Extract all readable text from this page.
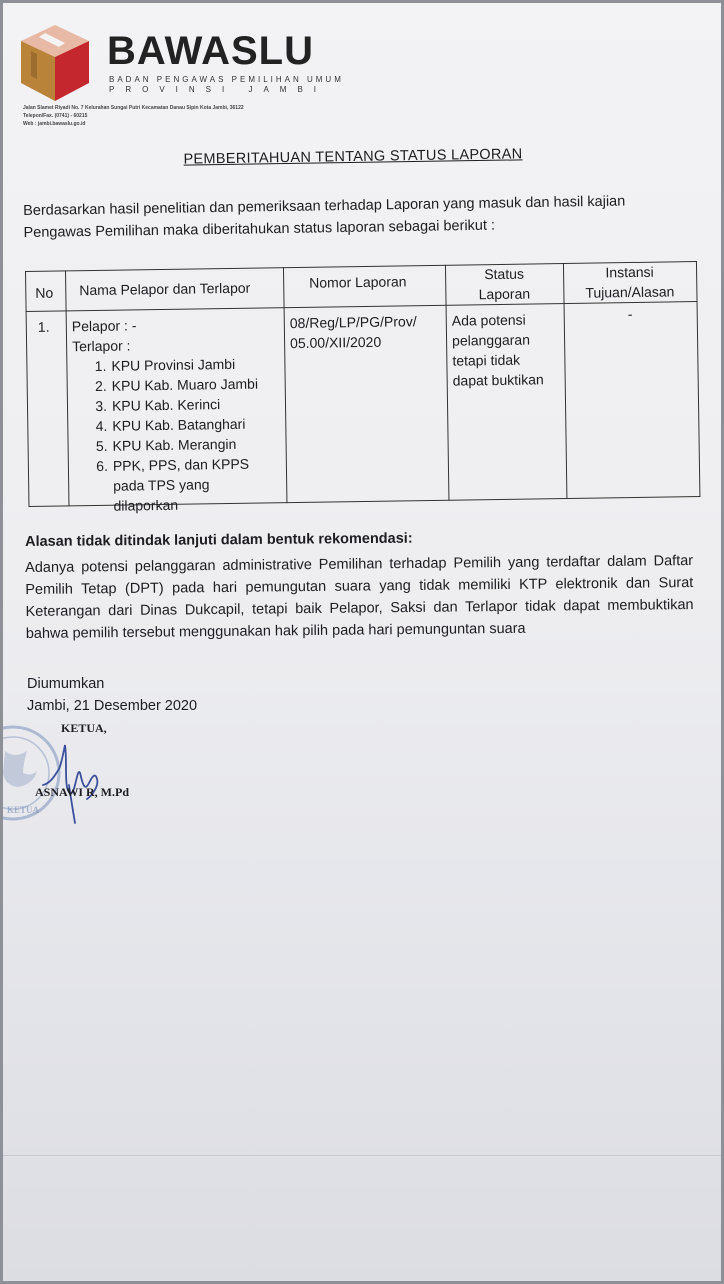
BAWASLU
BADAN PENGAWAS PEMILIHAN UMUM
PROVINSI JAMBI
Jalan Slamet Riyadi No. 7 Kelurahan Sungai Putri Kecamatan Danau Sipin Kota Jambi, 36122
Telepon/Fax. (0741) - 60215
Web : jambi.bawaslu.go.id
PEMBERITAHUAN TENTANG STATUS LAPORAN
Berdasarkan hasil penelitian dan pemeriksaan terhadap Laporan yang masuk dan hasil kajian Pengawas Pemilihan maka diberitahukan status laporan sebagai berikut :
No Nama Pelapor dan Terlapor	Nomor Laporan	Status
Laporan
Instansi
Tujuan/Alasan
1. Pelapor : -
Terlapor :
1. KPU Provinsi Jambi
2. KPU Kab. Muaro Jambi
3. KPU Kab. Kerinci
4. KPU Kab. Batanghari
5. KPU Kab. Merangin
6. PPK, PPS, dan KPPS pada TPS yang dilaporkan
08/Reg/LP/PG/Prov/
05.00/XII/2020
Ada potensi
pelanggaran
tetapi tidak
dapat buktikan
-
Alasan tidak ditindak lanjuti dalam bentuk rekomendasi:
Adanya potensi pelanggaran administrative Pemilihan terhadap Pemilih yang terdaftar dalam Daftar Pemilih Tetap (DPT) pada hari pemungutan suara yang tidak memiliki KTP elektronik dan Surat Keterangan dari Dinas Dukcapil, tetapi baik Pelapor, Saksi dan Terlapor tidak dapat membuktikan bahwa pemilih tersebut menggunakan hak pilih pada hari pemunguntan suara
Diumumkan
Jambi, 21 Desember 2020
KETUA
KETUA,
ASNAWI R, M.Pd
